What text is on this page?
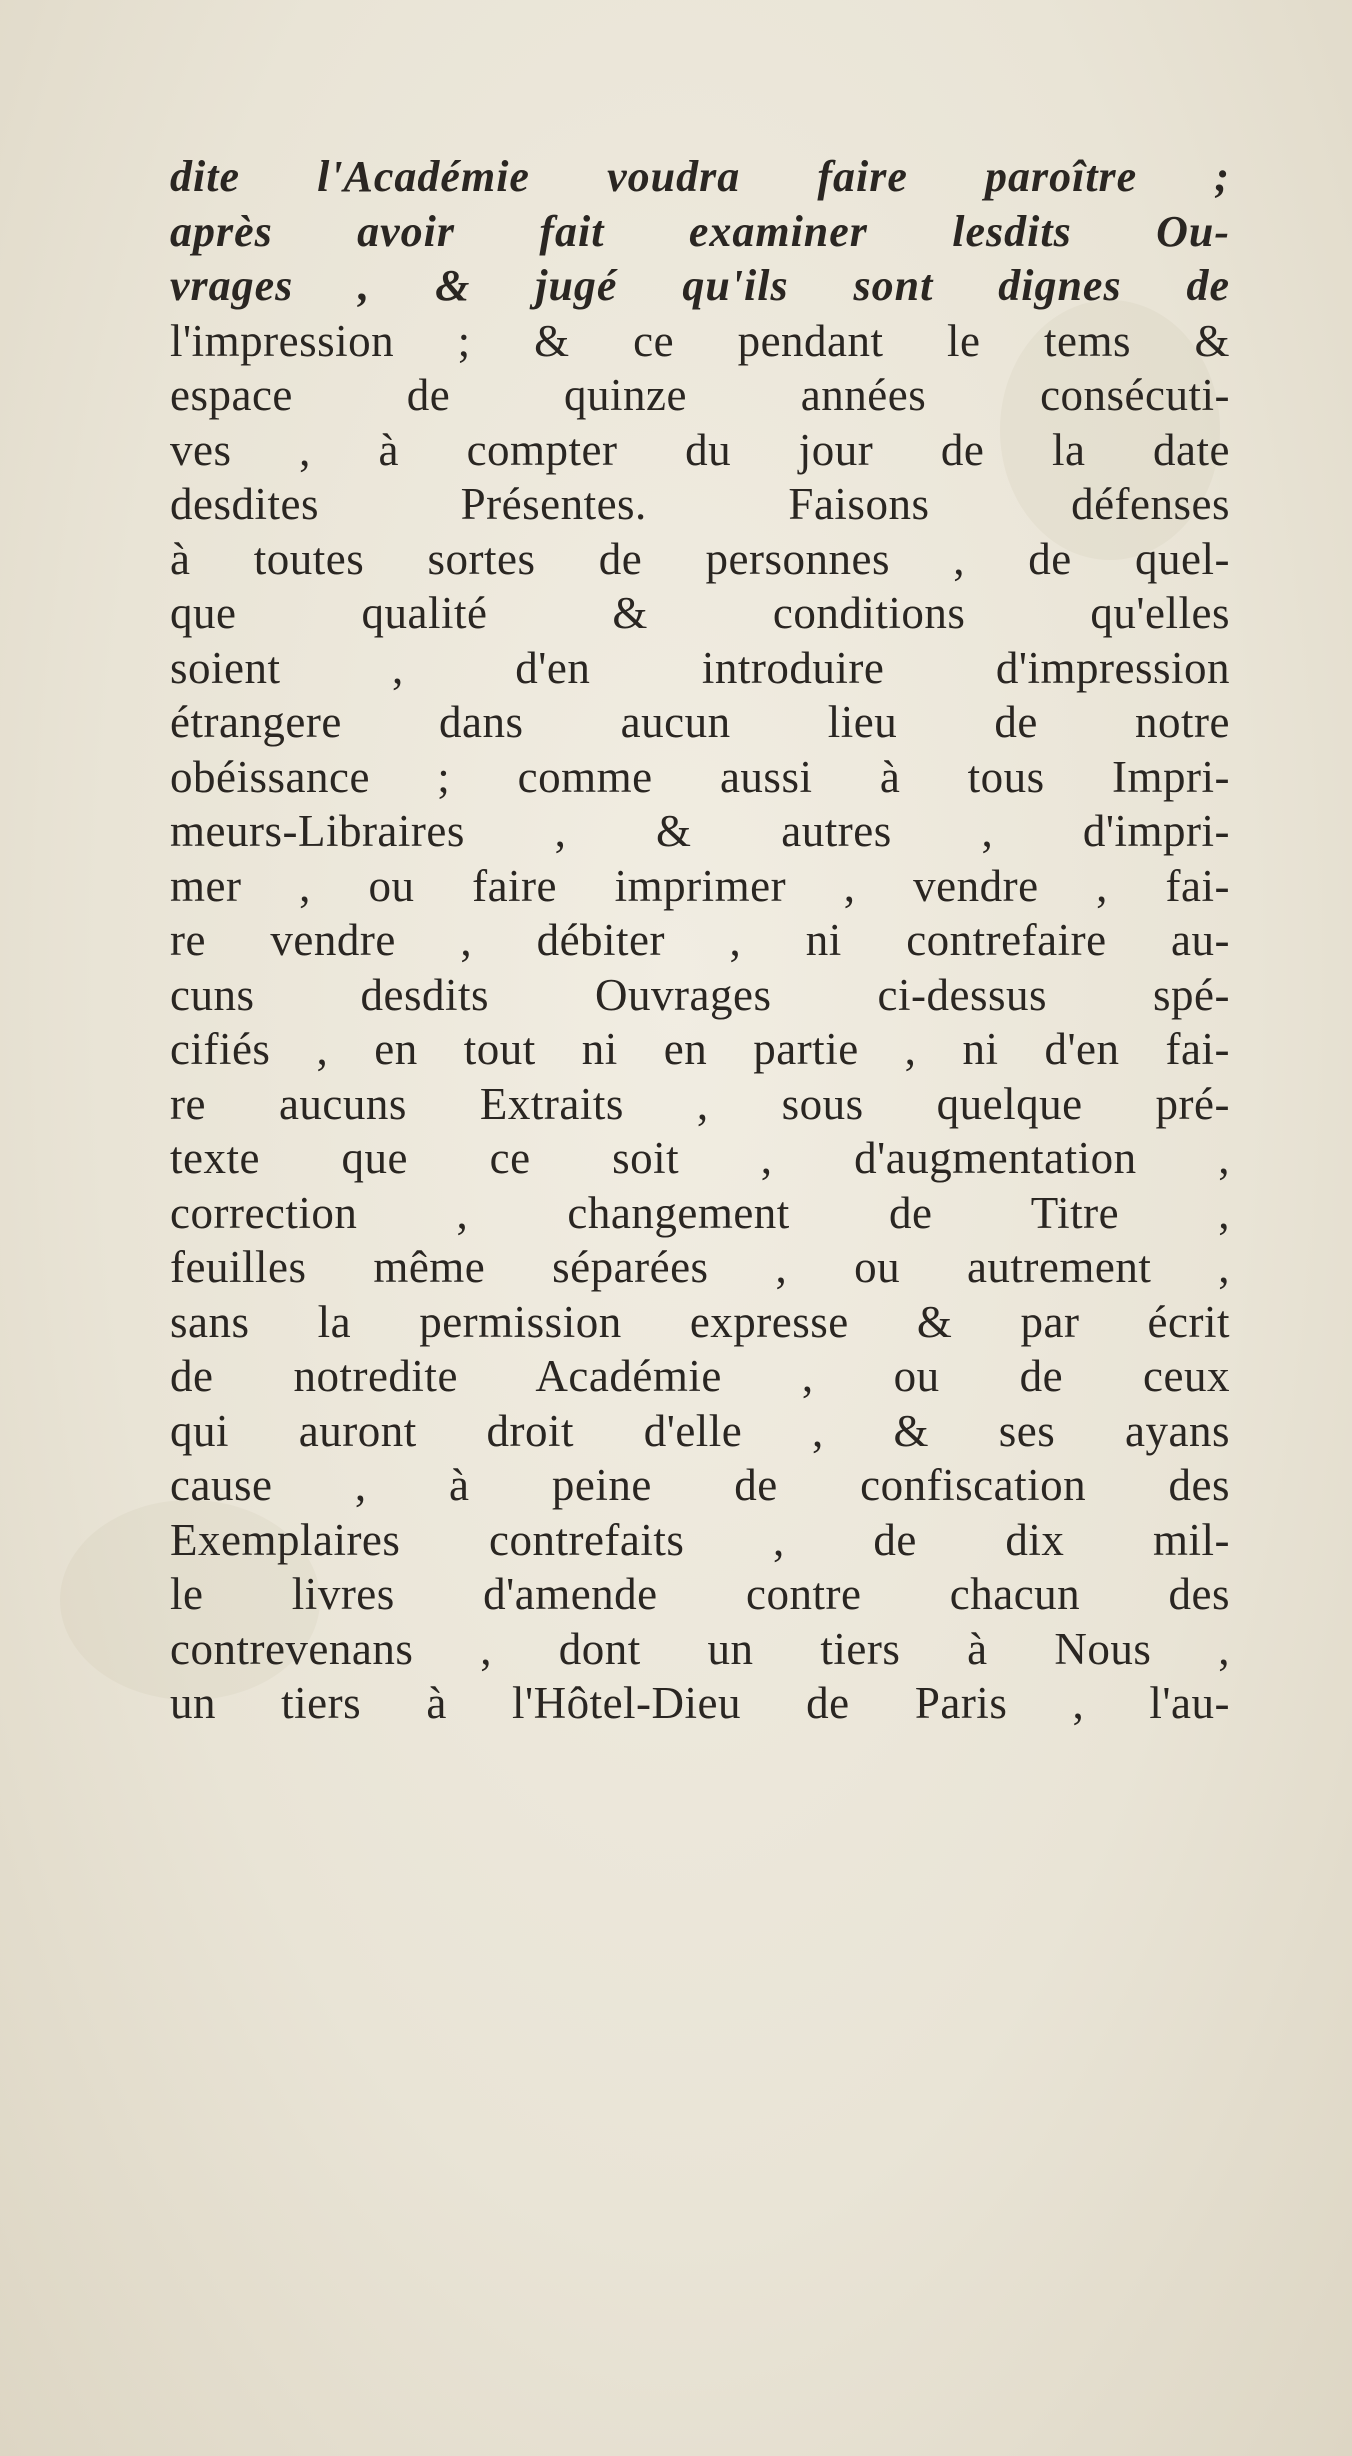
dite l'Académie voudra faire paroître ;
après avoir fait examiner lesdits Ou-
vrages , & jugé qu'ils sont dignes de
l'impression ; & ce pendant le tems &
espace de quinze années consécuti-
ves , à compter du jour de la date
desdites Présentes. Faisons défenses
à toutes sortes de personnes , de quel-
que qualité & conditions qu'elles
soient , d'en introduire d'impression
étrangere dans aucun lieu de notre
obéissance ; comme aussi à tous Impri-
meurs-Libraires , & autres , d'impri-
mer , ou faire imprimer , vendre , fai-
re vendre , débiter , ni contrefaire au-
cuns desdits Ouvrages ci-dessus spé-
cifiés , en tout ni en partie , ni d'en fai-
re aucuns Extraits , sous quelque pré-
texte que ce soit , d'augmentation ,
correction , changement de Titre ,
feuilles même séparées , ou autrement ,
sans la permission expresse & par écrit
de notredite Académie , ou de ceux
qui auront droit d'elle , & ses ayans
cause , à peine de confiscation des
Exemplaires contrefaits , de dix mil-
le livres d'amende contre chacun des
contrevenans , dont un tiers à Nous ,
un tiers à l'Hôtel-Dieu de Paris , l'au-
